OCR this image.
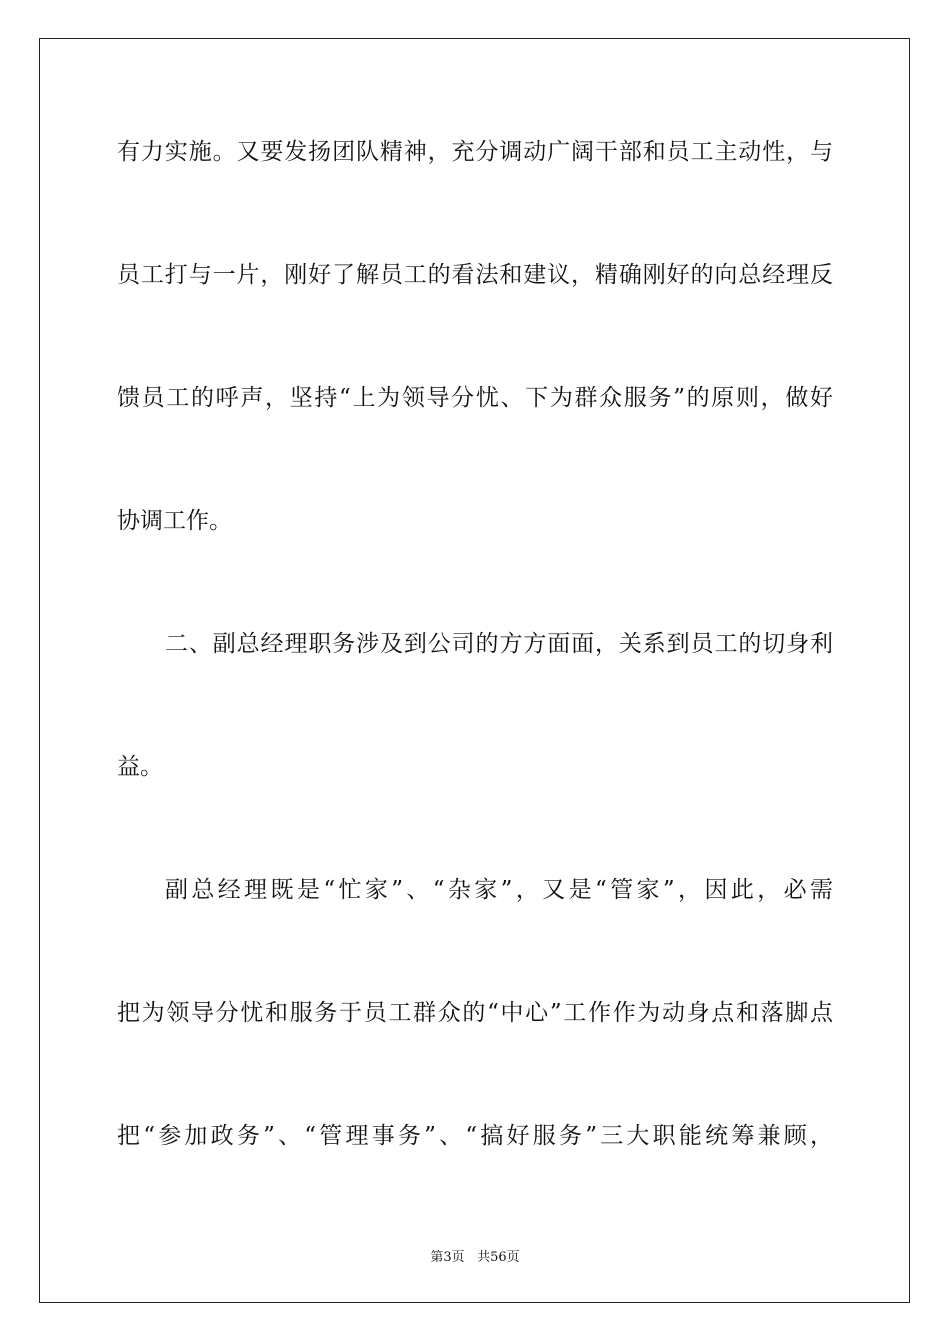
有力实施。又要发扬团队精神，充分调动广阔干部和员工主动性，与
员工打与一片，刚好了解员工的看法和建议，精确刚好的向总经理反
馈员工的呼声，坚持“上为领导分忧、下为群众服务”的原则，做好
协调工作。
二、副总经理职务涉及到公司的方方面面，关系到员工的切身利
益。
副总经理既是“忙家”、“杂家”，又是“管家”，因此，必需
把为领导分忧和服务于员工群众的“中心”工作作为动身点和落脚点
把“参加政务”、“管理事务”、“搞好服务”三大职能统筹兼顾，
第3页 共56页
